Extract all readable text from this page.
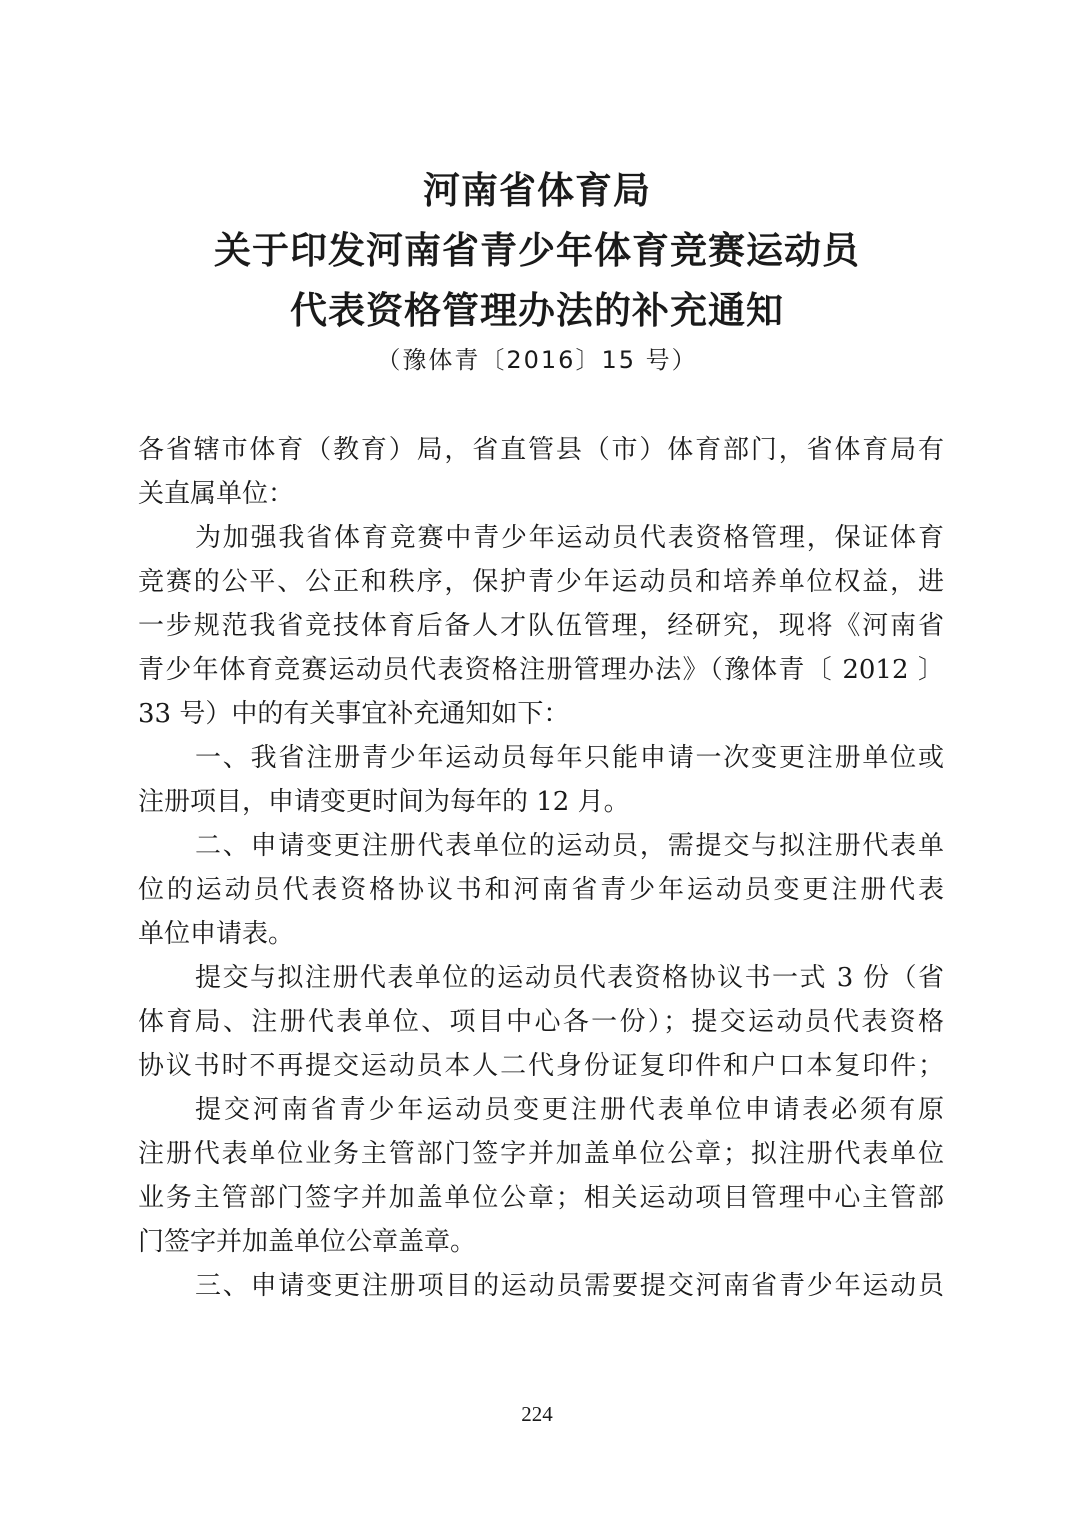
河南省体育局
关于印发河南省青少年体育竞赛运动员
代表资格管理办法的补充通知
（豫体青〔2016〕15 号）
各省辖市体育（教育）局，省直管县（市）体育部门，省体育局有
关直属单位：
为加强我省体育竞赛中青少年运动员代表资格管理，保证体育
竞赛的公平、公正和秩序，保护青少年运动员和培养单位权益，进
一步规范我省竞技体育后备人才队伍管理，经研究，现将《河南省
青少年体育竞赛运动员代表资格注册管理办法》（豫体青〔 2012 〕
33 号）中的有关事宜补充通知如下：
一、我省注册青少年运动员每年只能申请一次变更注册单位或
注册项目，申请变更时间为每年的 12 月。
二、申请变更注册代表单位的运动员，需提交与拟注册代表单
位的运动员代表资格协议书和河南省青少年运动员变更注册代表
单位申请表。
提交与拟注册代表单位的运动员代表资格协议书一式 3 份（省
体育局、注册代表单位、项目中心各一份）；提交运动员代表资格
协议书时不再提交运动员本人二代身份证复印件和户口本复印件；
提交河南省青少年运动员变更注册代表单位申请表必须有原
注册代表单位业务主管部门签字并加盖单位公章；拟注册代表单位
业务主管部门签字并加盖单位公章；相关运动项目管理中心主管部
门签字并加盖单位公章盖章。
三、申请变更注册项目的运动员需要提交河南省青少年运动员
224
